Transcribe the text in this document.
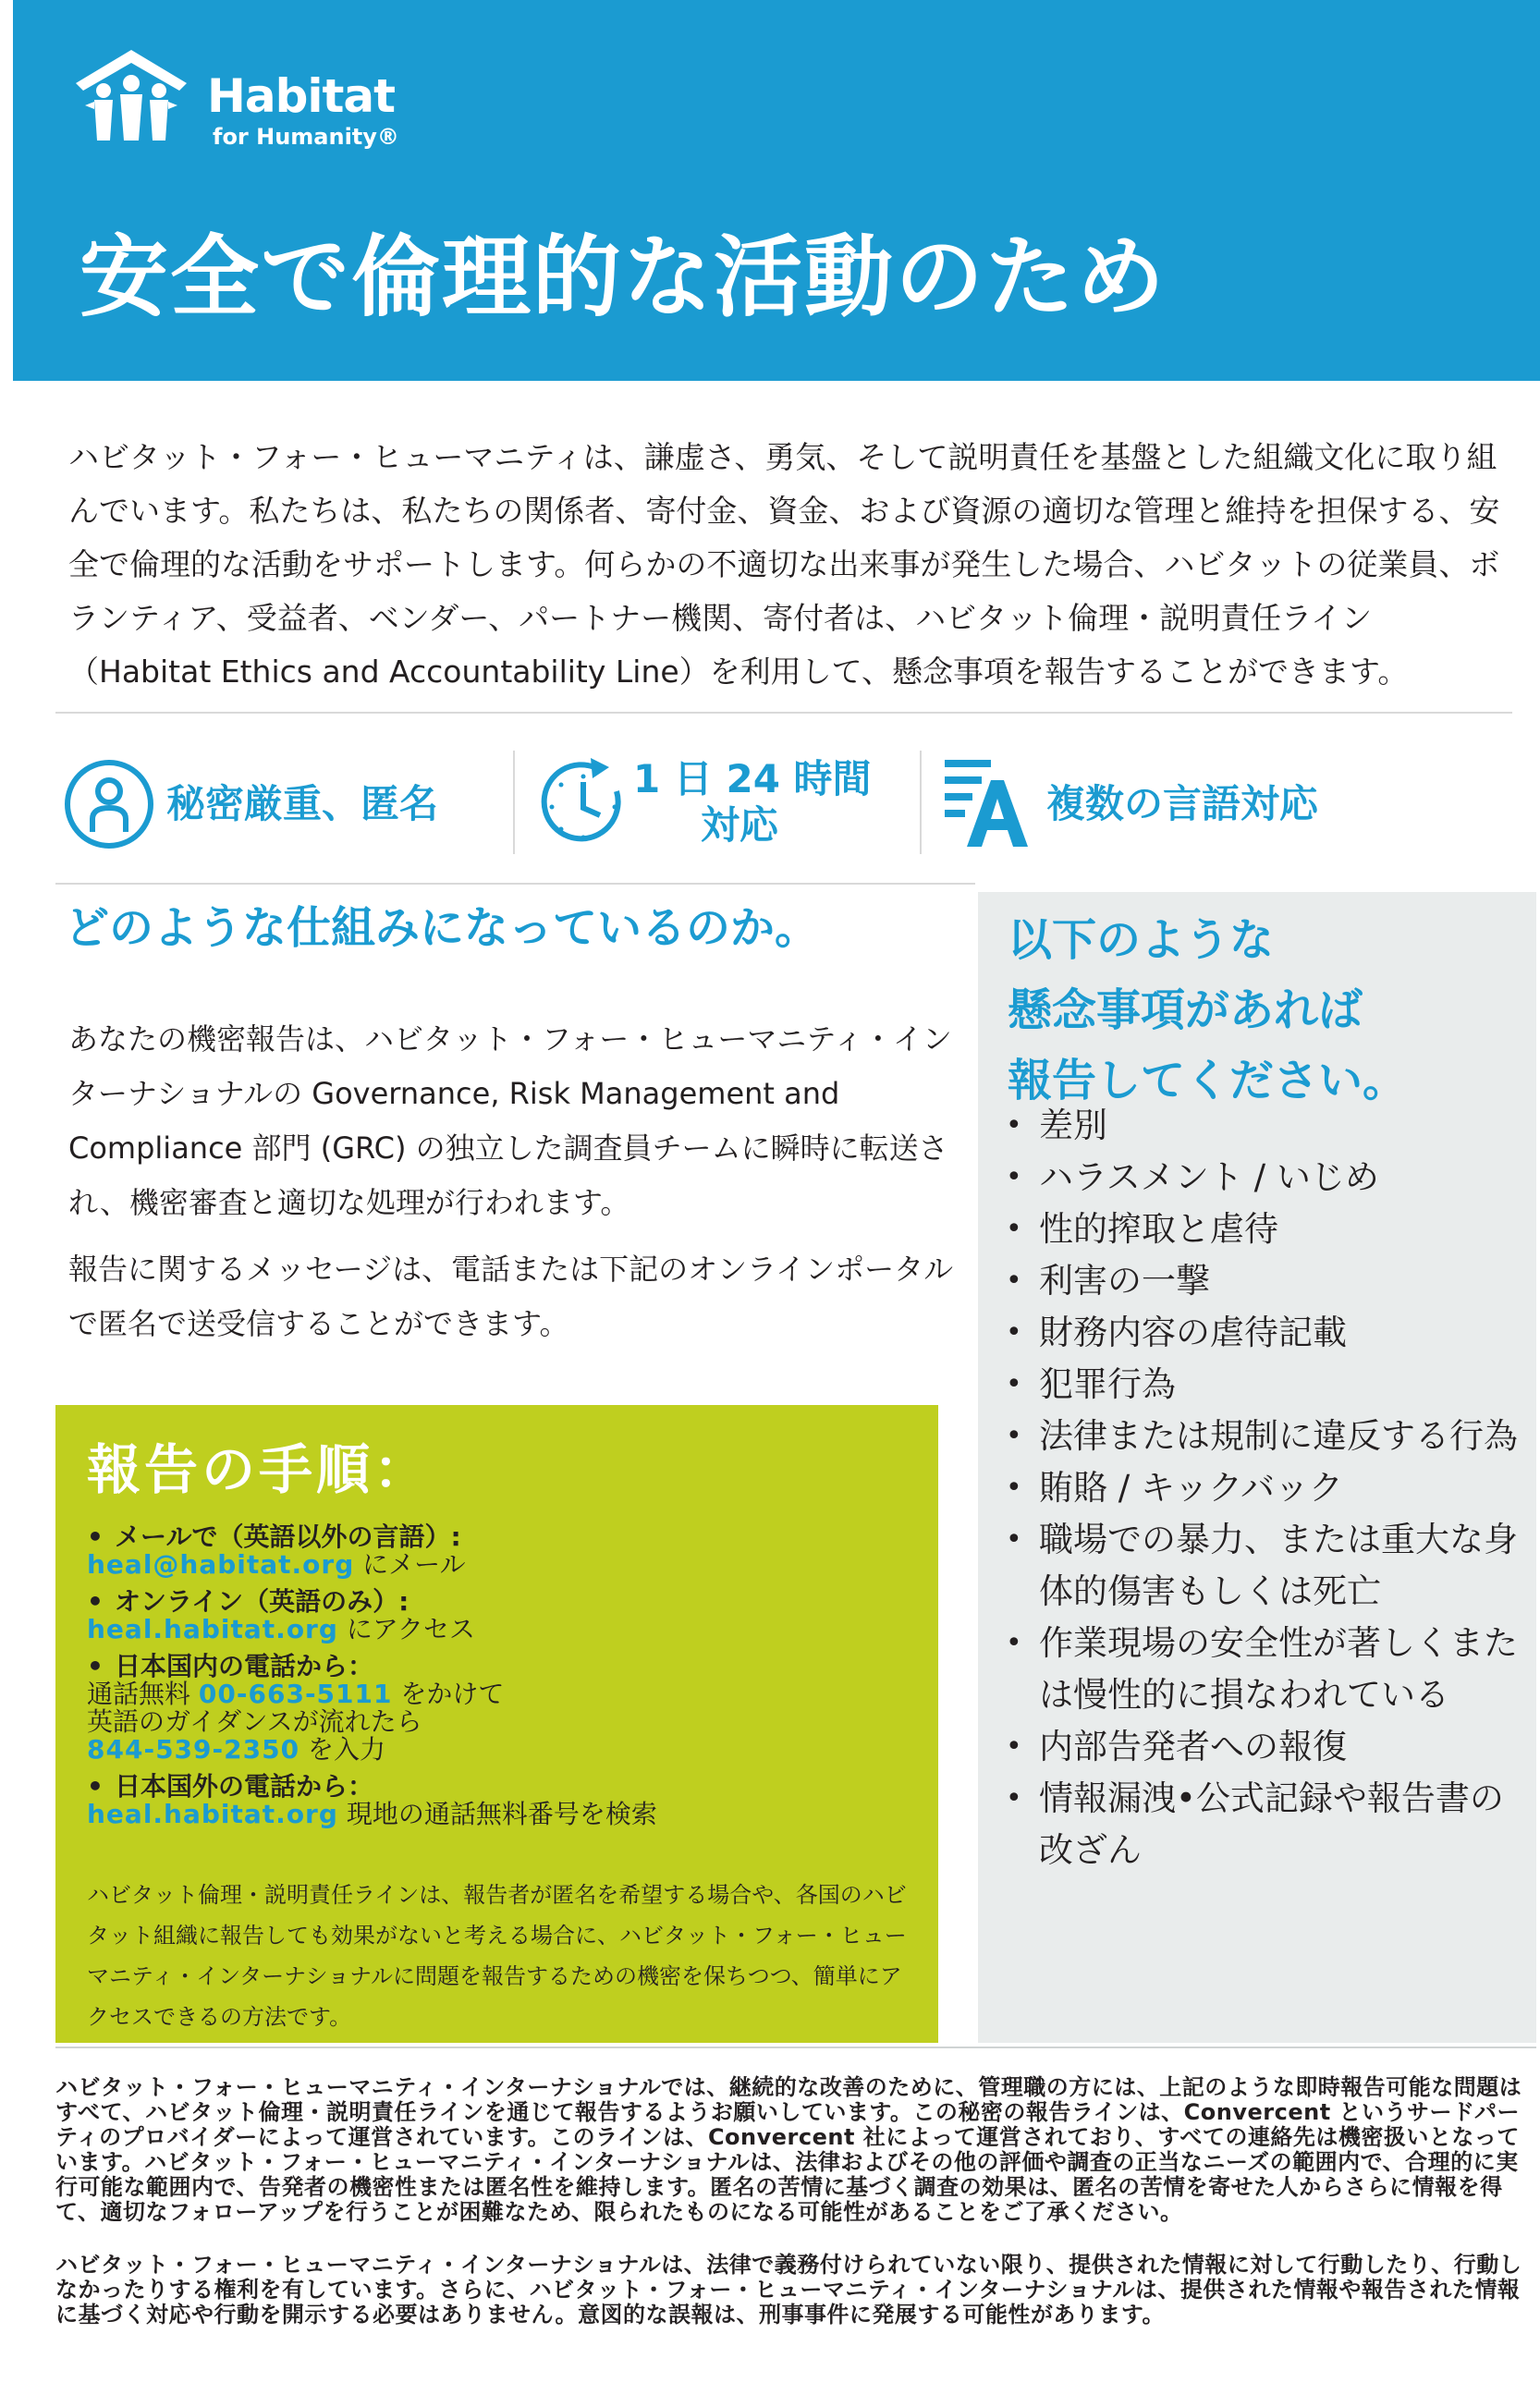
Habitat
for Humanity®
安全で倫理的な活動のため

ハビタット・フォー・ヒューマニティは、謙虚さ、勇気、そして説明責任を基盤とした組織文化に取り組んでいます。私たちは、私たちの関係者、寄付金、資金、および資源の適切な管理と維持を担保する、安全で倫理的な活動をサポートします。何らかの不適切な出来事が発生した場合、ハビタットの従業員、ボランティア、受益者、ベンダー、パートナー機関、寄付者は、ハビタット倫理・説明責任ライン（Habitat Ethics and Accountability Line）を利用して、懸念事項を報告することができます。

秘密厳重、匿名
1 日 24 時間
対応	複数の言語対応
どのような仕組みになっているのか。

あなたの機密報告は、ハビタット・フォー・ヒューマニティ・インターナショナルの Governance, Risk Management and Compliance 部門 (GRC) の独立した調査員チームに瞬時に転送され、機密審査と適切な処理が行われます。

報告に関するメッセージは、電話または下記のオンラインポータルで匿名で送受信することができます。

報告の手順：
• メールで（英語以外の言語）:
heal@habitat.org にメール
• オンライン（英語のみ）:
heal.habitat.org にアクセス
• 日本国内の電話から：
通話無料 00-663-5111 をかけて
英語のガイダンスが流れたら
844-539-2350 を入力
• 日本国外の電話から：
heal.habitat.org 現地の通話無料番号を検索

ハビタット倫理・説明責任ラインは、報告者が匿名を希望する場合や、各国のハビタット組織に報告しても効果がないと考える場合に、ハビタット・フォー・ヒューマニティ・インターナショナルに問題を報告するための機密を保ちつつ、簡単にアクセスできるの方法です。

以下のような
懸念事項があれば
報告してください。
• 差別
• ハラスメント / いじめ
• 性的搾取と虐待
• 利害の一撃
• 財務内容の虐待記載
• 犯罪行為
• 法律または規制に違反する行為
• 賄賂 / キックバック
• 職場での暴力、または重大な身体的傷害もしくは死亡
• 作業現場の安全性が著しくまたは慢性的に損なわれている
• 内部告発者への報復
• 情報漏洩•公式記録や報告書の改ざん

ハビタット・フォー・ヒューマニティ・インターナショナルでは、継続的な改善のために、管理職の方には、上記のような即時報告可能な問題はすべて、ハビタット倫理・説明責任ラインを通じて報告するようお願いしています。この秘密の報告ラインは、Convercent というサードパーティのプロバイダーによって運営されています。このラインは、Convercent 社によって運営されており、すべての連絡先は機密扱いとなっています。ハビタット・フォー・ヒューマニティ・インターナショナルは、法律およびその他の評価や調査の正当なニーズの範囲内で、合理的に実行可能な範囲内で、告発者の機密性または匿名性を維持します。匿名の苦情に基づく調査の効果は、匿名の苦情を寄せた人からさらに情報を得て、適切なフォローアップを行うことが困難なため、限られたものになる可能性があることをご了承ください。

ハビタット・フォー・ヒューマニティ・インターナショナルは、法律で義務付けられていない限り、提供された情報に対して行動したり、行動しなかったりする権利を有しています。さらに、ハビタット・フォー・ヒューマニティ・インターナショナルは、提供された情報や報告された情報に基づく対応や行動を開示する必要はありません。意図的な誤報は、刑事事件に発展する可能性があります。
